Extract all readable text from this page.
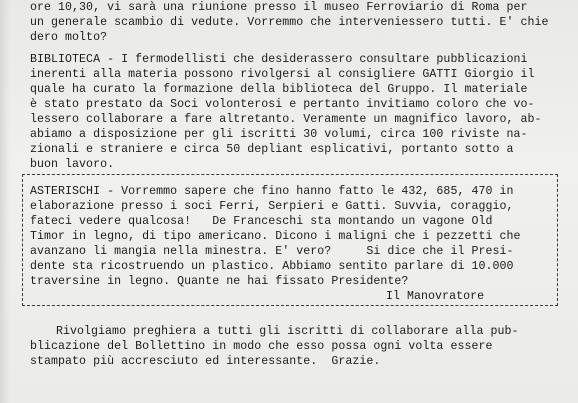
ore 10,30, vi sarà una riunione presso il museo Ferroviario di Roma per
un generale scambio di vedute. Vorremmo che interveniessero tutti. E' chie
dero molto?
BIBLIOTECA - I fermodellisti che desiderassero consultare pubblicazioni
inerenti alla materia possono rivolgersi al consigliere GATTI Giorgio il
quale ha curato la formazione della biblioteca del Gruppo. Il materiale
è stato prestato da Soci volonterosi e pertanto invitiamo coloro che vo-
lessero collaborare a fare altretanto. Veramente un magnifico lavoro, ab-
abiamo a disposizione per gli iscritti 30 volumi, circa 100 riviste na-
zionali e straniere e circa 50 depliant esplicativi, portanto sotto a
buon lavoro.
ASTERISCHI - Vorremmo sapere che fino hanno fatto le 432, 685, 470 in
elaborazione presso i soci Ferri, Serpieri e Gatti. Suvvia, coraggio,
fateci vedere qualcosa!   De Franceschi sta montando un vagone Old
Timor in legno, di tipo americano. Dicono i maligni che i pezzetti che
avanzano li mangia nella minestra. E' vero?     Si dice che il Presi-
dente sta ricostruendo un plastico. Abbiamo sentito parlare di 10.000
traversine in legno. Quante ne hai fissato Presidente?
Il Manovratore
Rivolgiamo preghiera a tutti gli iscritti di collaborare alla pub-
blicazione del Bollettino in modo che esso possa ogni volta essere
stampato più accresciuto ed interessante.  Grazie.
